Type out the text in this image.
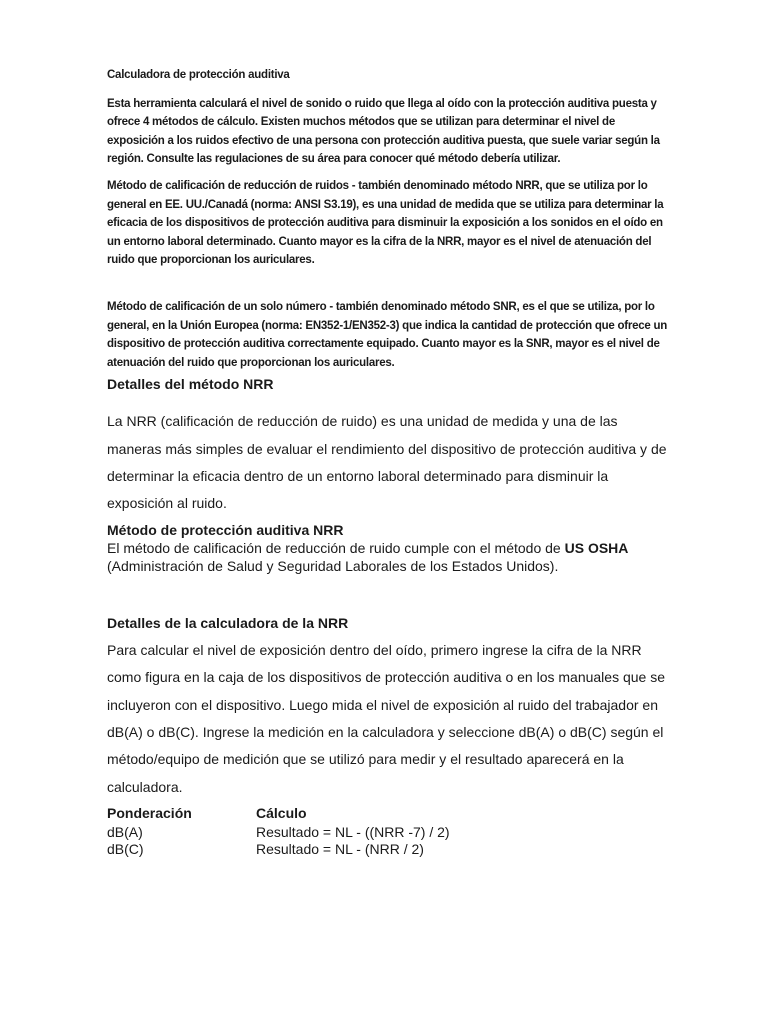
Calculadora de protección auditiva

Esta herramienta calculará el nivel de sonido o ruido que llega al oído con la protección auditiva puesta y ofrece 4 métodos de cálculo. Existen muchos métodos que se utilizan para determinar el nivel de exposición a los ruidos efectivo de una persona con protección auditiva puesta, que suele variar según la región. Consulte las regulaciones de su área para conocer qué método debería utilizar.

Método de calificación de reducción de ruidos - también denominado método NRR, que se utiliza por lo general en EE. UU./Canadá (norma: ANSI S3.19), es una unidad de medida que se utiliza para determinar la eficacia de los dispositivos de protección auditiva para disminuir la exposición a los sonidos en el oído en un entorno laboral determinado. Cuanto mayor es la cifra de la NRR, mayor es el nivel de atenuación del ruido que proporcionan los auriculares.

Método de calificación de un solo número - también denominado método SNR, es el que se utiliza, por lo general, en la Unión Europea (norma: EN352-1/EN352-3) que indica la cantidad de protección que ofrece un dispositivo de protección auditiva correctamente equipado. Cuanto mayor es la SNR, mayor es el nivel de atenuación del ruido que proporcionan los auriculares.

Detalles del método NRR

La NRR (calificación de reducción de ruido) es una unidad de medida y una de las maneras más simples de evaluar el rendimiento del dispositivo de protección auditiva y de determinar la eficacia dentro de un entorno laboral determinado para disminuir la exposición al ruido.

Método de protección auditiva NRR
El método de calificación de reducción de ruido cumple con el método de US OSHA (Administración de Salud y Seguridad Laborales de los Estados Unidos).
Detalles de la calculadora de la NRR

Para calcular el nivel de exposición dentro del oído, primero ingrese la cifra de la NRR como figura en la caja de los dispositivos de protección auditiva o en los manuales que se incluyeron con el dispositivo. Luego mida el nivel de exposición al ruido del trabajador en dB(A) o dB(C). Ingrese la medición en la calculadora y seleccione dB(A) o dB(C) según el método/equipo de medición que se utilizó para medir y el resultado aparecerá en la calculadora.

Ponderación	Cálculo
dB(A)	Resultado = NL - ((NRR -7) / 2)
dB(C)	Resultado = NL - (NRR / 2)
